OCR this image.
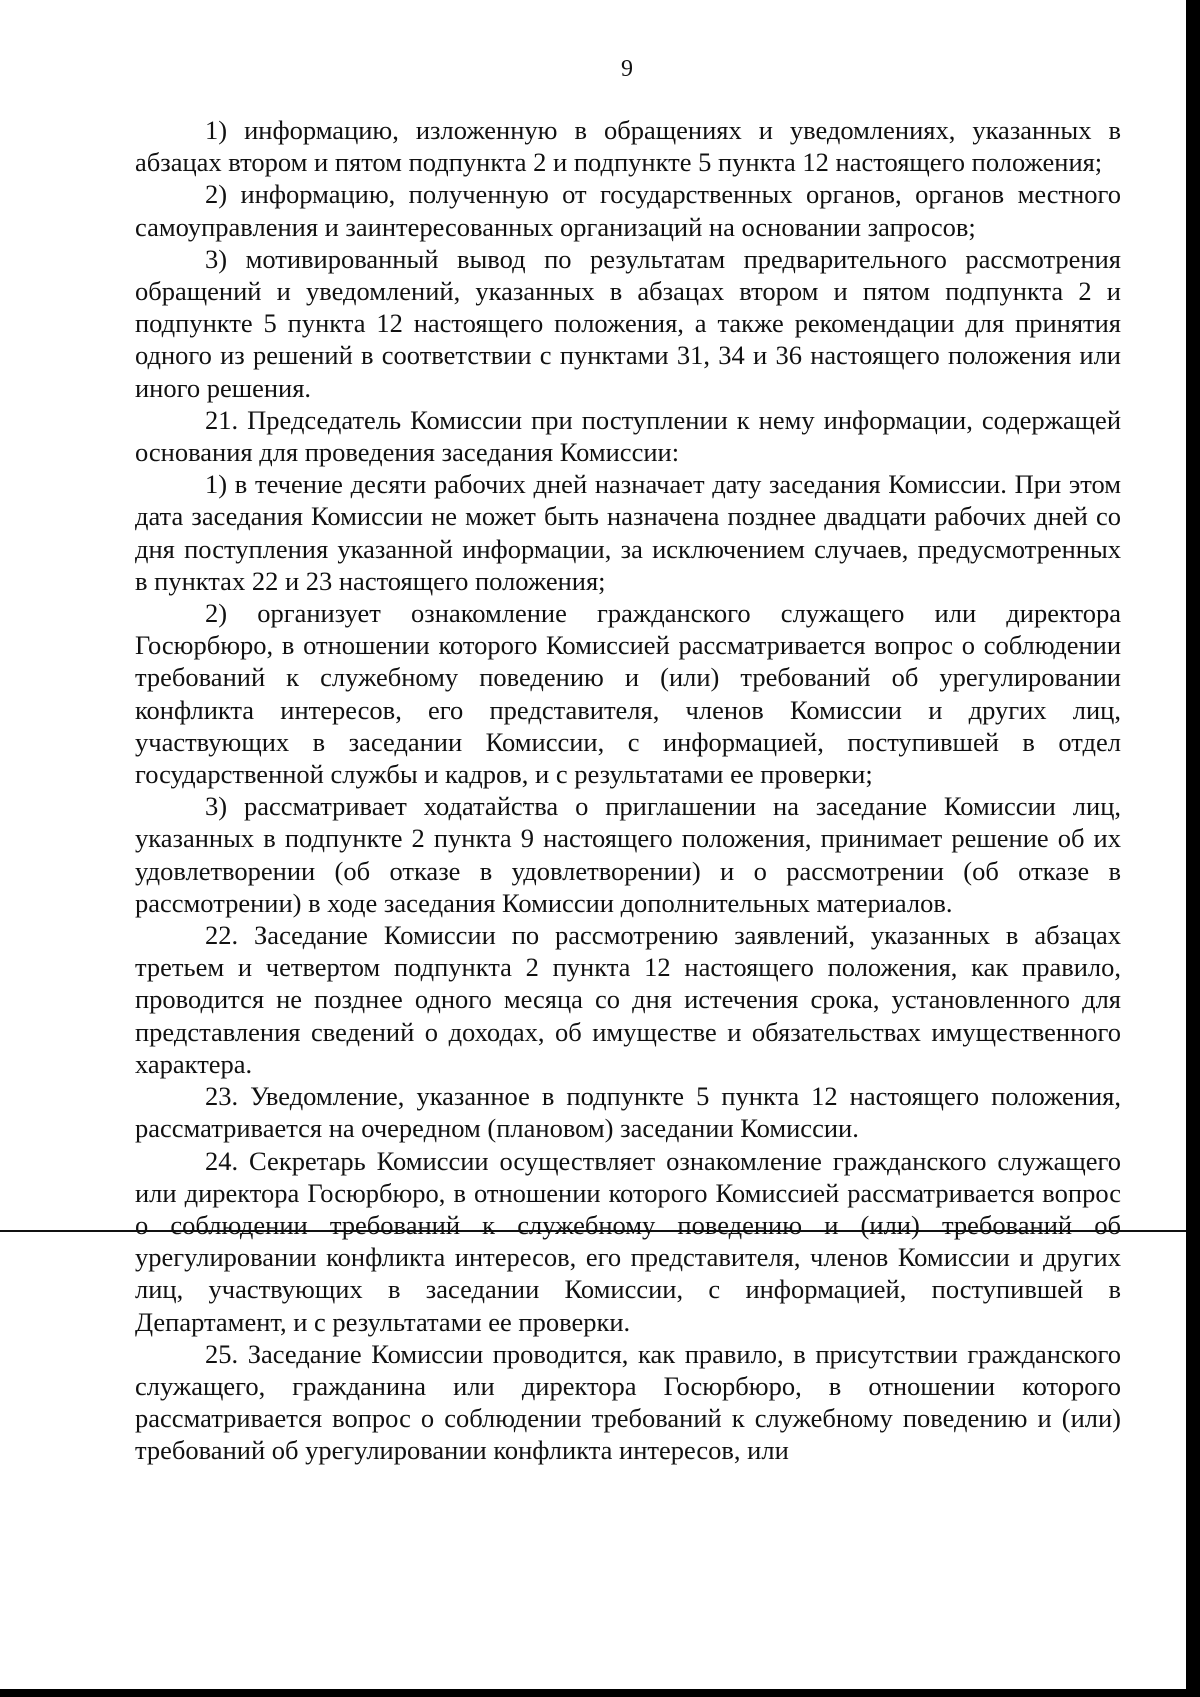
9

1) информацию, изложенную в обращениях и уведомлениях, указанных в абзацах втором и пятом подпункта 2 и подпункте 5 пункта 12 настоящего положения;

2) информацию, полученную от государственных органов, органов местного самоуправления и заинтересованных организаций на основании запросов;

3) мотивированный вывод по результатам предварительного рассмотрения обращений и уведомлений, указанных в абзацах втором и пятом подпункта 2 и подпункте 5 пункта 12 настоящего положения, а также рекомендации для принятия одного из решений в соответствии с пунктами 31, 34 и 36 настоящего положения или иного решения.

21. Председатель Комиссии при поступлении к нему информации, содержащей основания для проведения заседания Комиссии:

1) в течение десяти рабочих дней назначает дату заседания Комиссии. При этом дата заседания Комиссии не может быть назначена позднее двадцати рабочих дней со дня поступления указанной информации, за исключением случаев, предусмотренных в пунктах 22 и 23 настоящего положения;

2) организует ознакомление гражданского служащего или директора Госюрбюро, в отношении которого Комиссией рассматривается вопрос о соблюдении требований к служебному поведению и (или) требований об урегулировании конфликта интересов, его представителя, членов Комиссии и других лиц, участвующих в заседании Комиссии, с информацией, поступившей в отдел государственной службы и кадров, и с результатами ее проверки;

3) рассматривает ходатайства о приглашении на заседание Комиссии лиц, указанных в подпункте 2 пункта 9 настоящего положения, принимает решение об их удовлетворении (об отказе в удовлетворении) и о рассмотрении (об отказе в рассмотрении) в ходе заседания Комиссии дополнительных материалов.

22. Заседание Комиссии по рассмотрению заявлений, указанных в абзацах третьем и четвертом подпункта 2 пункта 12 настоящего положения, как правило, проводится не позднее одного месяца со дня истечения срока, установленного для представления сведений о доходах, об имуществе и обязательствах имущественного характера.

23. Уведомление, указанное в подпункте 5 пункта 12 настоящего положения, рассматривается на очередном (плановом) заседании Комиссии.

24. Секретарь Комиссии осуществляет ознакомление гражданского служащего или директора Госюрбюро, в отношении которого Комиссией рассматривается вопрос о соблюдении требований к служебному поведению и (или) требований об урегулировании конфликта интересов, его представителя, членов Комиссии и других лиц, участвующих в заседании Комиссии, с информацией, поступившей в Департамент, и с результатами ее проверки.

25. Заседание Комиссии проводится, как правило, в присутствии гражданского служащего, гражданина или директора Госюрбюро, в отношении которого рассматривается вопрос о соблюдении требований к служебному поведению и (или) требований об урегулировании конфликта интересов, или
